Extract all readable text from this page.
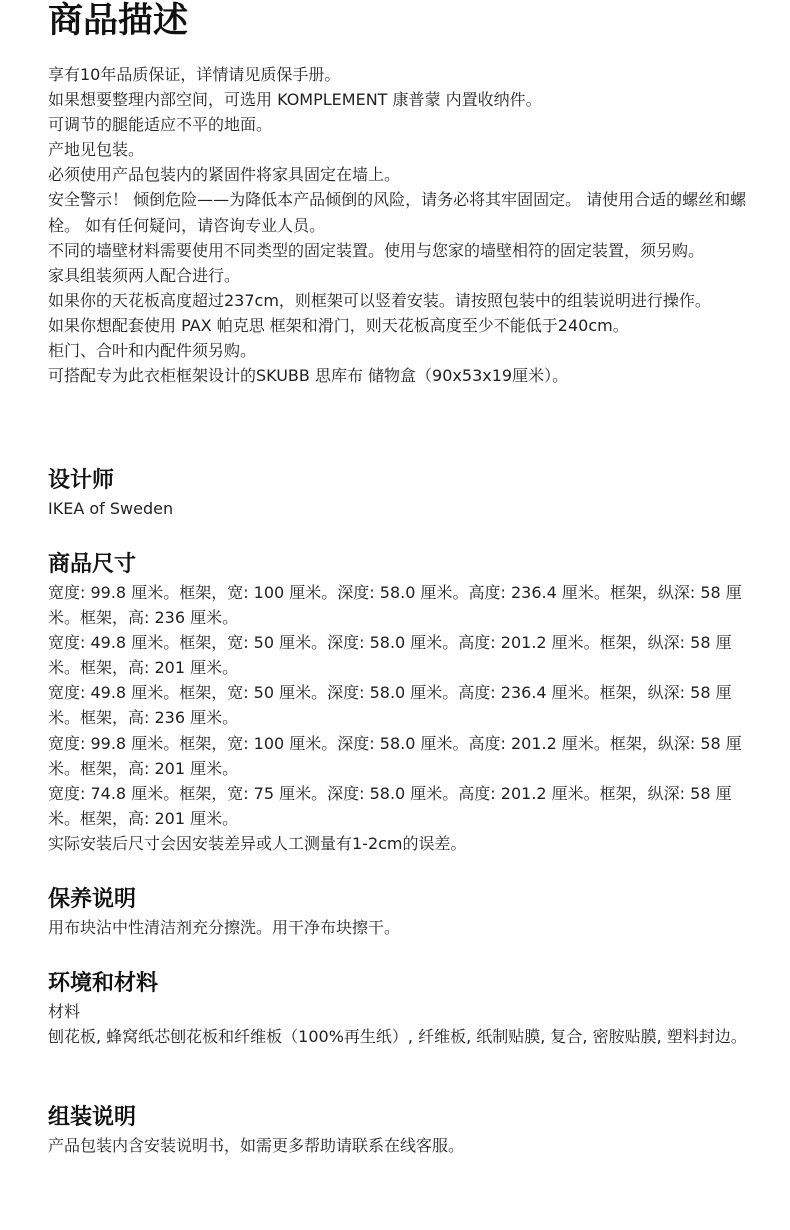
商品描述

享有10年品质保证，详情请见质保手册。

如果想要整理内部空间，可选用 KOMPLEMENT 康普蒙 内置收纳件。

可调节的腿能适应不平的地面。

产地见包装。

必须使用产品包装内的紧固件将家具固定在墙上。

安全警示！ 倾倒危险——为降低本产品倾倒的风险，请务必将其牢固固定。 请使用合适的螺丝和螺栓。 如有任何疑问，请咨询专业人员。

不同的墙壁材料需要使用不同类型的固定装置。使用与您家的墙壁相符的固定装置，须另购。

家具组装须两人配合进行。

如果你的天花板高度超过237cm，则框架可以竖着安装。请按照包装中的组装说明进行操作。

如果你想配套使用 PAX 帕克思 框架和滑门，则天花板高度至少不能低于240cm。

柜门、合叶和内配件须另购。

可搭配专为此衣柜框架设计的SKUBB 思库布 储物盒（90x53x19厘米）。

设计师

IKEA of Sweden

商品尺寸

宽度: 99.8 厘米。框架，宽: 100 厘米。深度: 58.0 厘米。高度: 236.4 厘米。框架，纵深: 58 厘米。框架，高: 236 厘米。

宽度: 49.8 厘米。框架，宽: 50 厘米。深度: 58.0 厘米。高度: 201.2 厘米。框架，纵深: 58 厘米。框架，高: 201 厘米。

宽度: 49.8 厘米。框架，宽: 50 厘米。深度: 58.0 厘米。高度: 236.4 厘米。框架，纵深: 58 厘米。框架，高: 236 厘米。

宽度: 99.8 厘米。框架，宽: 100 厘米。深度: 58.0 厘米。高度: 201.2 厘米。框架，纵深: 58 厘米。框架，高: 201 厘米。

宽度: 74.8 厘米。框架，宽: 75 厘米。深度: 58.0 厘米。高度: 201.2 厘米。框架，纵深: 58 厘米。框架，高: 201 厘米。

实际安装后尺寸会因安装差异或人工测量有1-2cm的误差。

保养说明

用布块沾中性清洁剂充分擦洗。用干净布块擦干。

环境和材料

材料

刨花板, 蜂窝纸芯刨花板和纤维板（100%再生纸）, 纤维板, 纸制贴膜, 复合, 密胺贴膜, 塑料封边。

组装说明

产品包装内含安装说明书，如需更多帮助请联系在线客服。
